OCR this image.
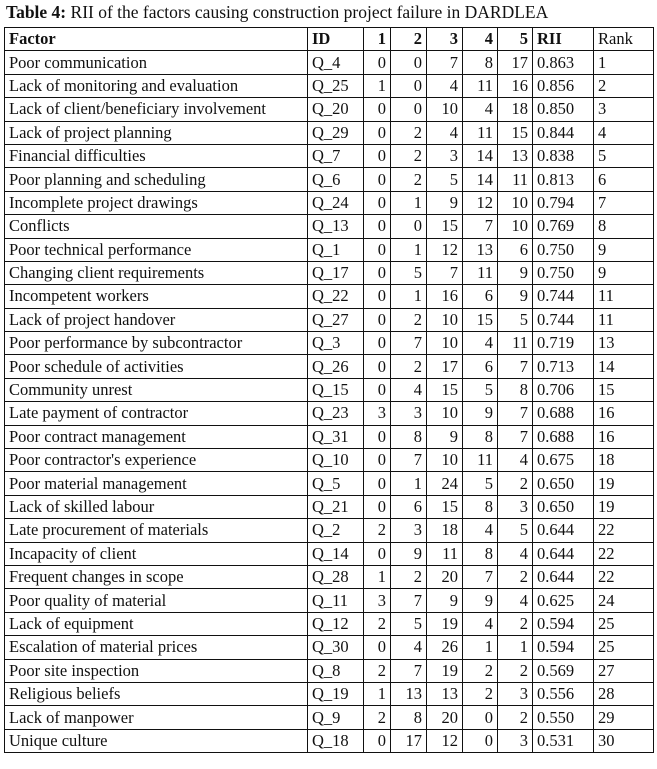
Table 4: RII of the factors causing construction project failure in DARDLEA
Factor	ID	1	2	3	4	5	RII	Rank
Poor communication	Q_4	0	0	7	8	17	0.863	1
Lack of monitoring and evaluation	Q_25	1	0	4	11	16	0.856	2
Lack of client/beneficiary involvement	Q_20	0	0	10	4	18	0.850	3
Lack of project planning	Q_29	0	2	4	11	15	0.844	4
Financial difficulties	Q_7	0	2	3	14	13	0.838	5
Poor planning and scheduling	Q_6	0	2	5	14	11	0.813	6
Incomplete project drawings	Q_24	0	1	9	12	10	0.794	7
Conflicts	Q_13	0	0	15	7	10	0.769	8
Poor technical performance	Q_1	0	1	12	13	6	0.750	9
Changing client requirements	Q_17	0	5	7	11	9	0.750	9
Incompetent workers	Q_22	0	1	16	6	9	0.744	11
Lack of project handover	Q_27	0	2	10	15	5	0.744	11
Poor performance by subcontractor	Q_3	0	7	10	4	11	0.719	13
Poor schedule of activities	Q_26	0	2	17	6	7	0.713	14
Community unrest	Q_15	0	4	15	5	8	0.706	15
Late payment of contractor	Q_23	3	3	10	9	7	0.688	16
Poor contract management	Q_31	0	8	9	8	7	0.688	16
Poor contractor's experience	Q_10	0	7	10	11	4	0.675	18
Poor material management	Q_5	0	1	24	5	2	0.650	19
Lack of skilled labour	Q_21	0	6	15	8	3	0.650	19
Late procurement of materials	Q_2	2	3	18	4	5	0.644	22
Incapacity of client	Q_14	0	9	11	8	4	0.644	22
Frequent changes in scope	Q_28	1	2	20	7	2	0.644	22
Poor quality of material	Q_11	3	7	9	9	4	0.625	24
Lack of equipment	Q_12	2	5	19	4	2	0.594	25
Escalation of material prices	Q_30	0	4	26	1	1	0.594	25
Poor site inspection	Q_8	2	7	19	2	2	0.569	27
Religious beliefs	Q_19	1	13	13	2	3	0.556	28
Lack of manpower	Q_9	2	8	20	0	2	0.550	29
Unique culture	Q_18	0	17	12	0	3	0.531	30
